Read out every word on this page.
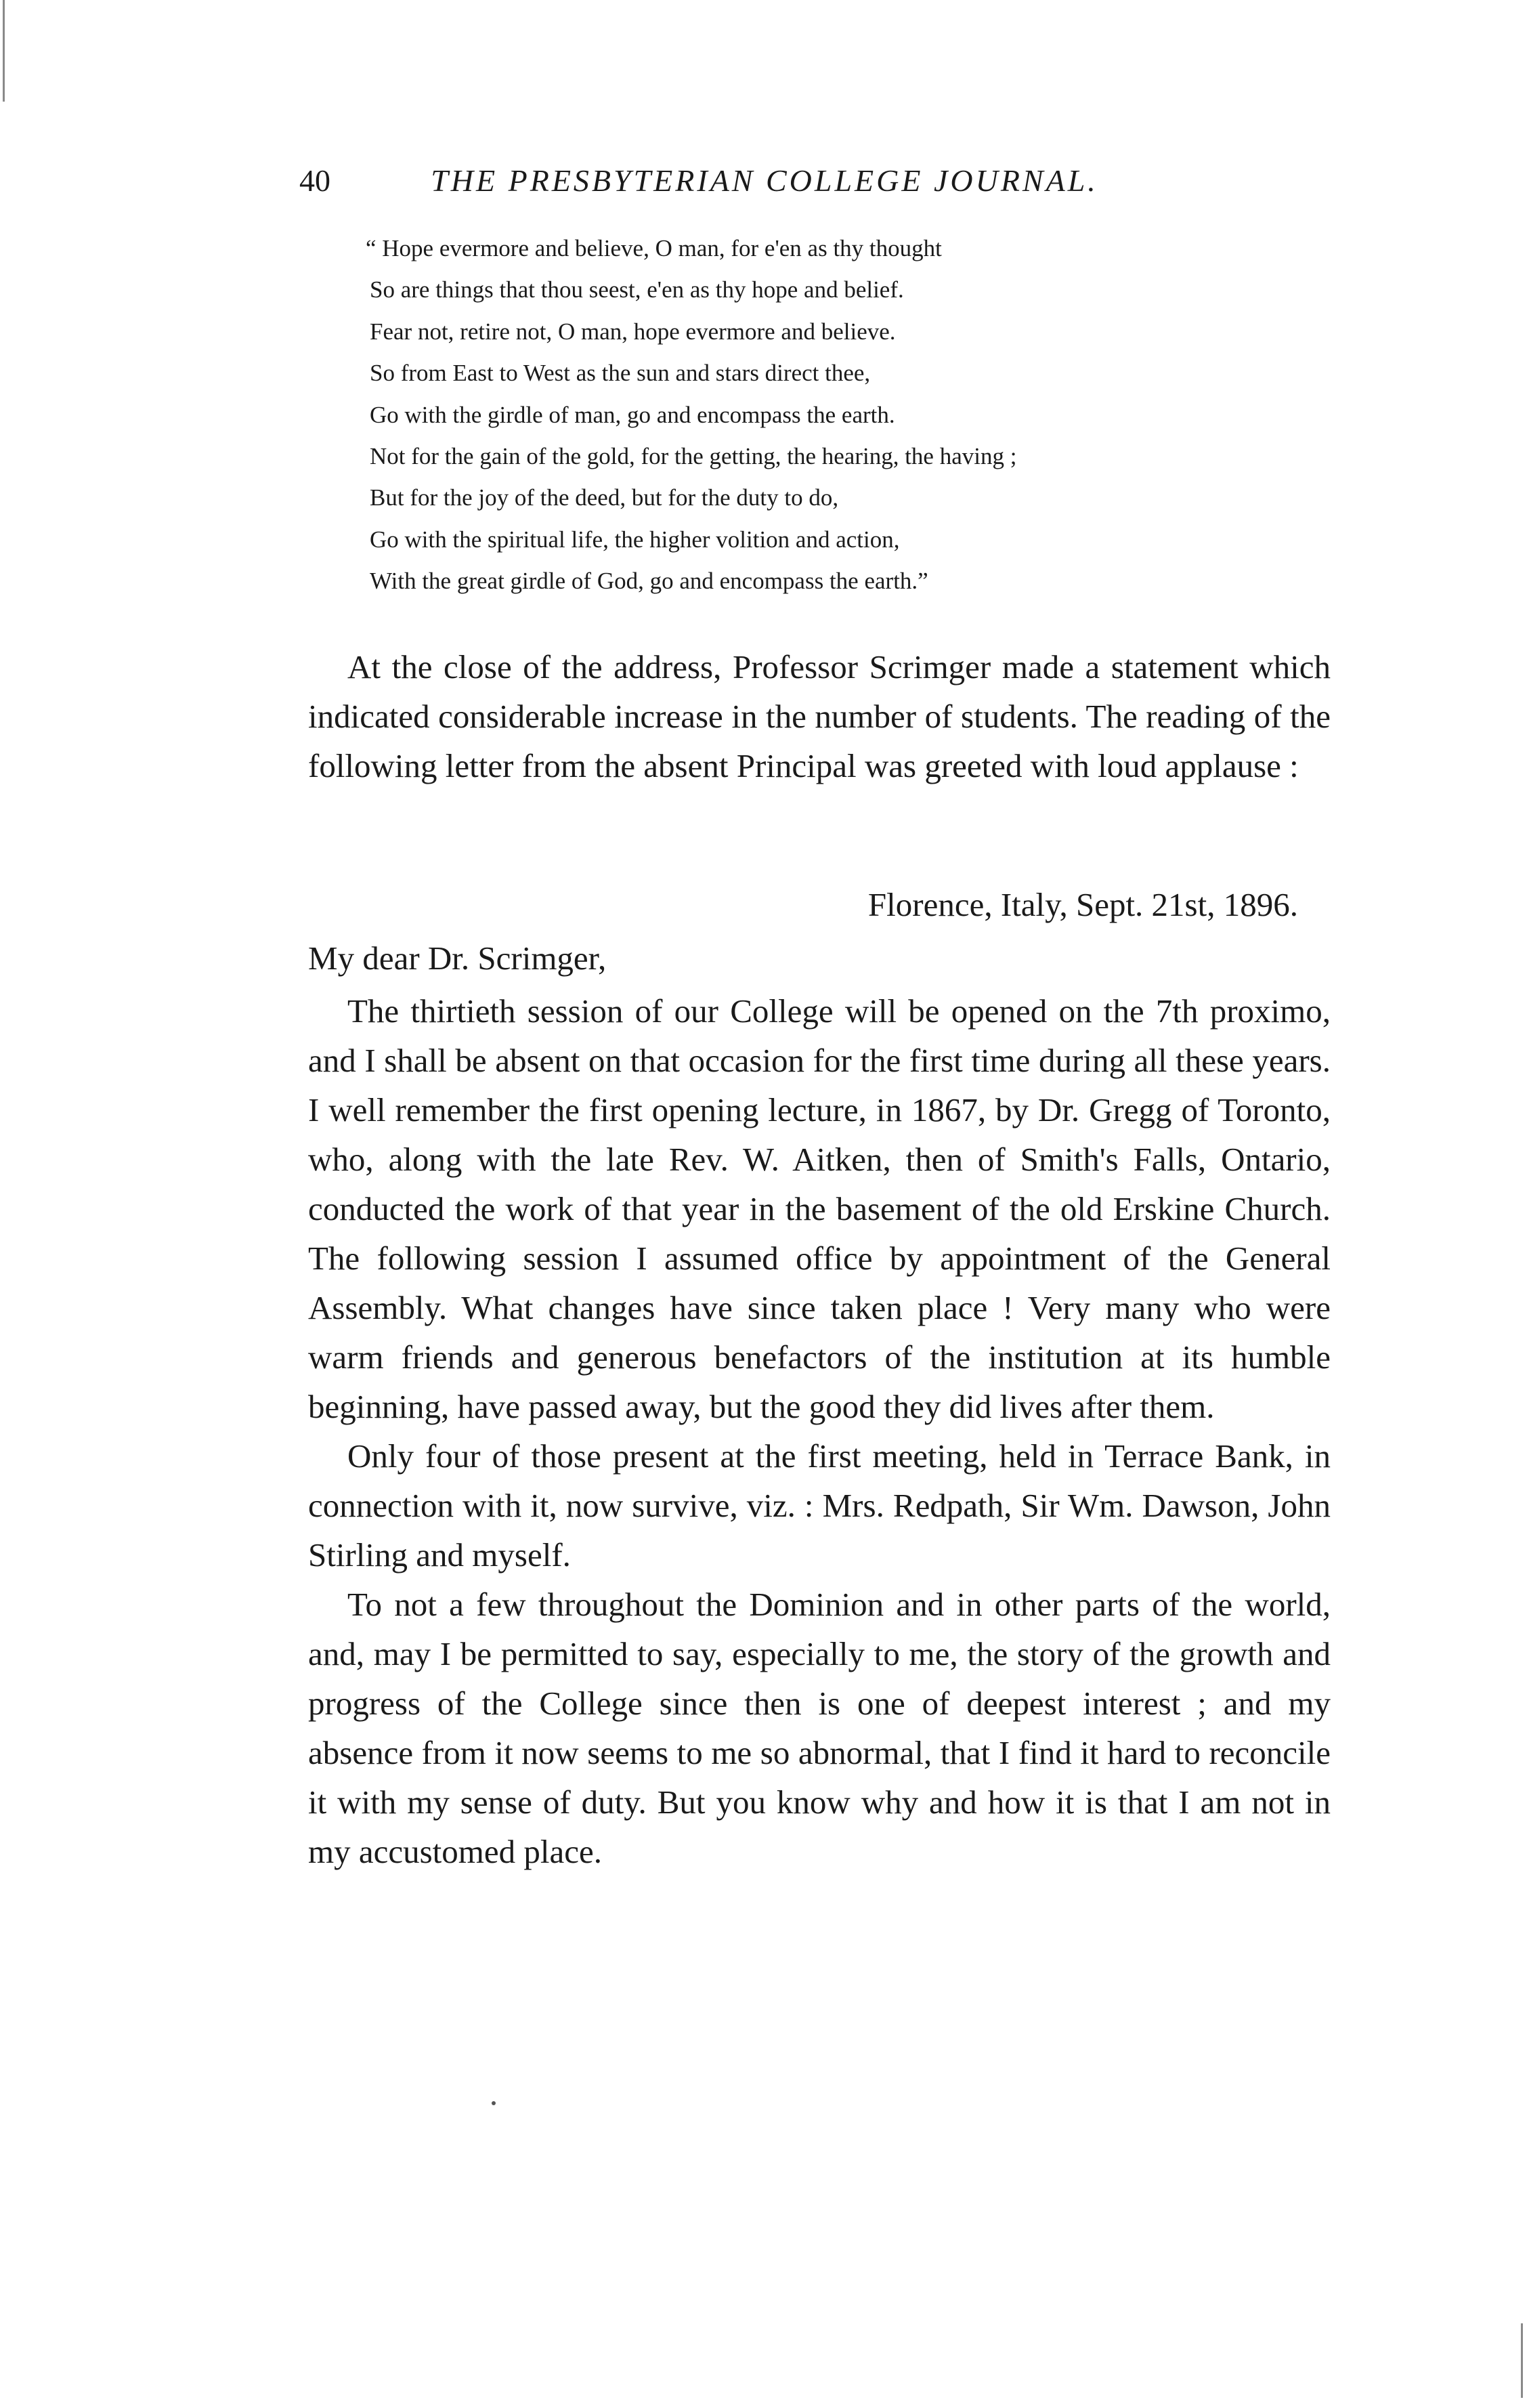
40	THE PRESBYTERIAN COLLEGE JOURNAL.
“ Hope evermore and believe, O man, for e'en as thy thought
So are things that thou seest, e'en as thy hope and belief.
Fear not, retire not, O man, hope evermore and believe.
So from East to West as the sun and stars direct thee,
Go with the girdle of man, go and encompass the earth.
Not for the gain of the gold, for the getting, the hearing, the having ;
But for the joy of the deed, but for the duty to do,
Go with the spiritual life, the higher volition and action,
With the great girdle of God, go and encompass the earth.”

At the close of the address, Professor Scrimger made a statement which indicated considerable increase in the number of students. The reading of the following letter from the absent Principal was greeted with loud applause :

Florence, Italy, Sept. 21st, 1896.
My dear Dr. Scrimger,

The thirtieth session of our College will be opened on the 7th proximo, and I shall be absent on that occasion for the first time during all these years. I well remember the first opening lecture, in 1867, by Dr. Gregg of Toronto, who, along with the late Rev. W. Aitken, then of Smith's Falls, Ontario, conducted the work of that year in the basement of the old Erskine Church. The following session I assumed office by appointment of the General Assembly. What changes have since taken place ! Very many who were warm friends and generous benefactors of the institution at its humble beginning, have passed away, but the good they did lives after them.

Only four of those present at the first meeting, held in Terrace Bank, in connection with it, now survive, viz. : Mrs. Redpath, Sir Wm. Dawson, John Stirling and myself.

To not a few throughout the Dominion and in other parts of the world, and, may I be permitted to say, especially to me, the story of the growth and progress of the College since then is one of deepest interest ; and my absence from it now seems to me so abnormal, that I find it hard to reconcile it with my sense of duty. But you know why and how it is that I am not in my accustomed place.
